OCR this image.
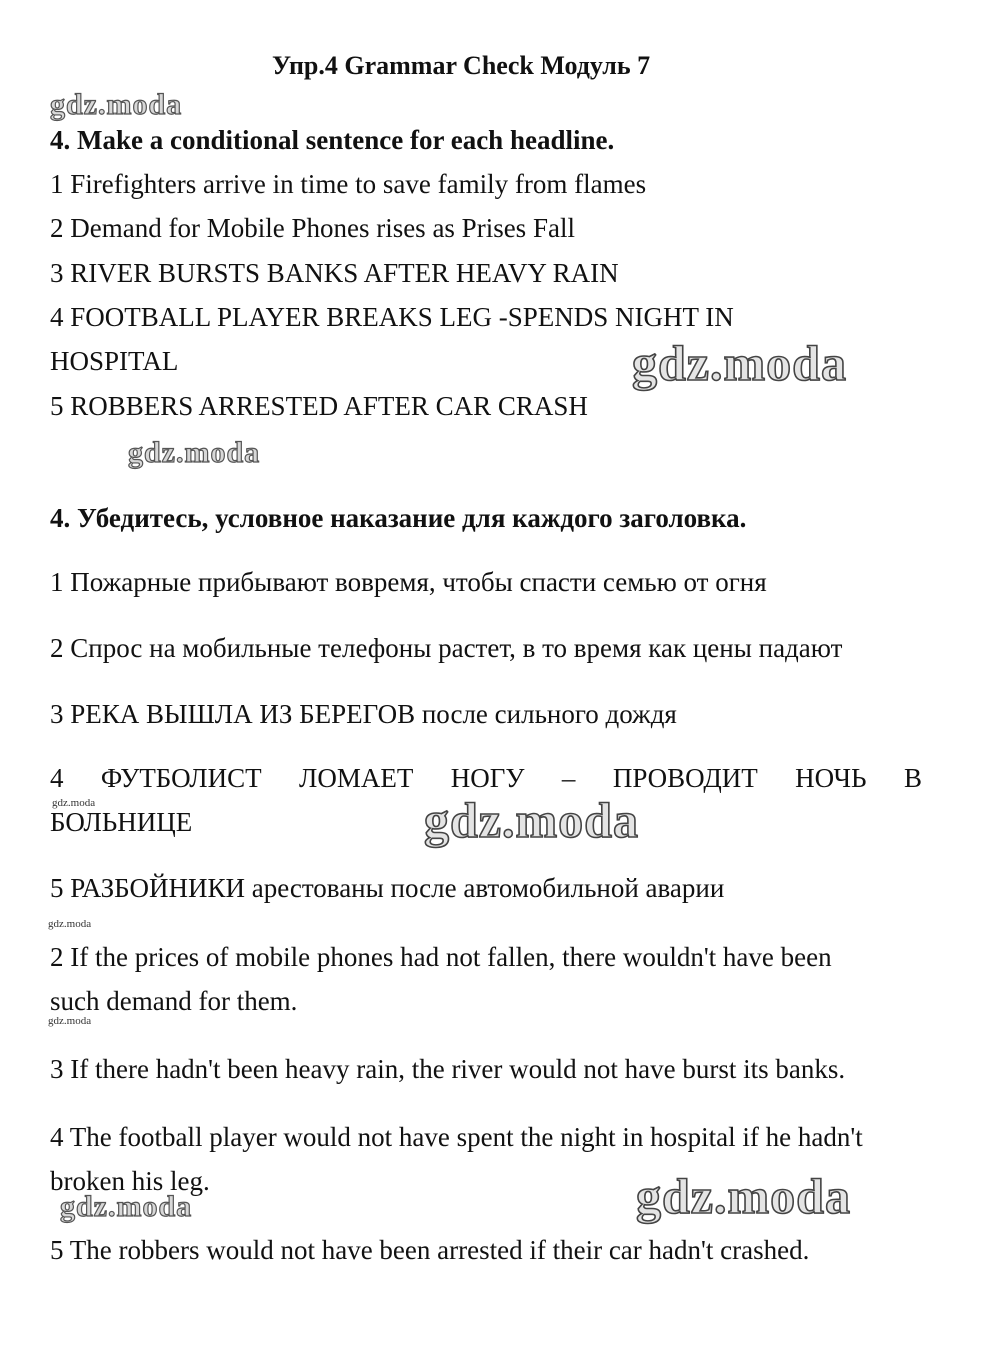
Упр.4 Grammar Check Модуль 7
gdz.moda
gdz.moda
gdz.moda
gdz.moda	gdz.moda
gdz.moda
gdz.moda
gdz.moda
gdz.moda
4. Make a conditional sentence for each headline.
1 Firefighters arrive in time to save family from flames
2 Demand for Mobile Phones rises as Prises Fall
3 RIVER BURSTS BANKS AFTER HEAVY RAIN
4 FOOTBALL PLAYER BREAKS LEG -SPENDS NIGHT IN
HOSPITAL
5 ROBBERS ARRESTED AFTER CAR CRASH
4. Убедитесь, условное наказание для каждого заголовка.
1 Пожарные прибывают вовремя, чтобы спасти семью от огня
2 Спрос на мобильные телефоны растет, в то время как цены падают
3 РЕКА ВЫШЛА ИЗ БЕРЕГОВ после сильного дождя
4 ФУТБОЛИСТ ЛОМАЕТ НОГУ – ПРОВОДИТ НОЧЬ В
БОЛЬНИЦЕ
5 РАЗБОЙНИКИ арестованы после автомобильной аварии
2 If the prices of mobile phones had not fallen, there wouldn't have been
such demand for them.
3 If there hadn't been heavy rain, the river would not have burst its banks.
4 The football player would not have spent the night in hospital if he hadn't
broken his leg.
5 The robbers would not have been arrested if their car hadn't crashed.
